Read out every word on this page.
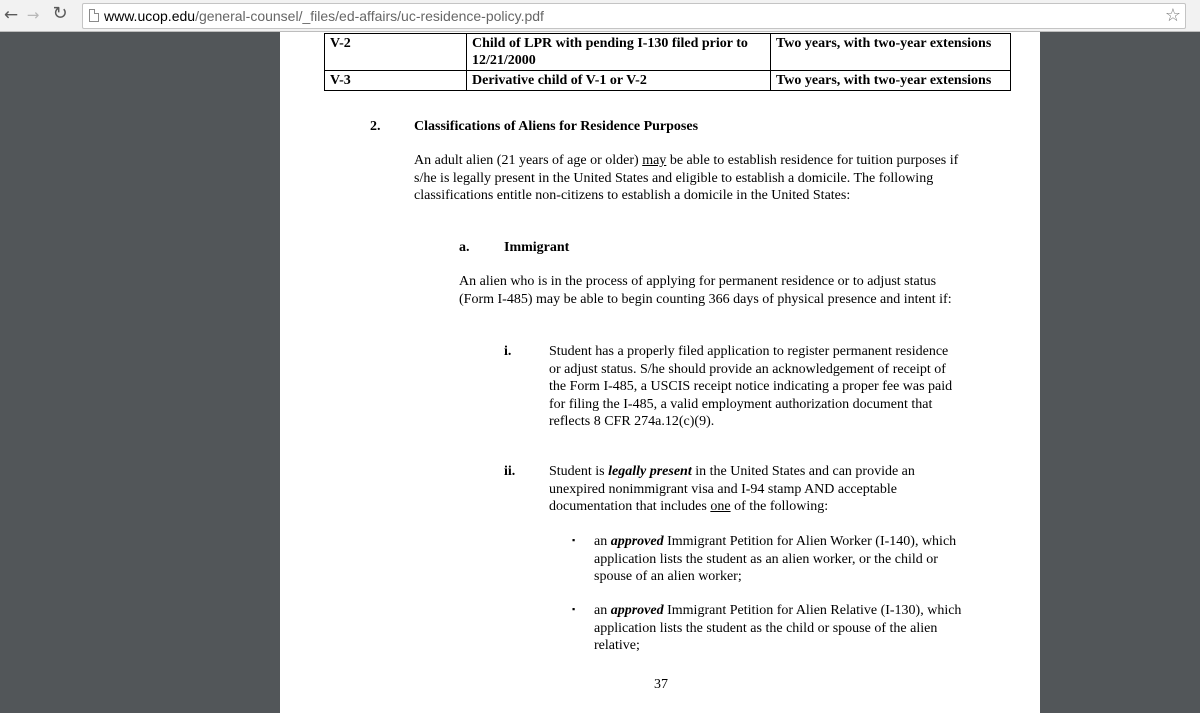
← → ↻	www.ucop.edu/general-counsel/_files/ed-affairs/uc-residence-policy.pdf	☆
V-2	Child of LPR with pending I-130 filed prior to 12/21/2000	Two years, with two-year extensions
V-3	Derivative child of V-1 or V-2	Two years, with two-year extensions
2. Classifications of Aliens for Residence Purposes
An adult alien (21 years of age or older) may be able to establish residence for tuition purposes if s/he is legally present in the United States and eligible to establish a domicile. The following classifications entitle non-citizens to establish a domicile in the United States:
a. Immigrant
An alien who is in the process of applying for permanent residence or to adjust status (Form I-485) may be able to begin counting 366 days of physical presence and intent if:
i.	Student has a properly filed application to register permanent residence or adjust status. S/he should provide an acknowledgement of receipt of the Form I-485, a USCIS receipt notice indicating a proper fee was paid for filing the I-485, a valid employment authorization document that reflects 8 CFR 274a.12(c)(9).
ii. Student is legally present in the United States and can provide an unexpired nonimmigrant visa and I-94 stamp AND acceptable documentation that includes one of the following:
▪ an approved Immigrant Petition for Alien Worker (I-140), which application lists the student as an alien worker, or the child or spouse of an alien worker;
▪ an approved Immigrant Petition for Alien Relative (I-130), which application lists the student as the child or spouse of the alien relative;
37
